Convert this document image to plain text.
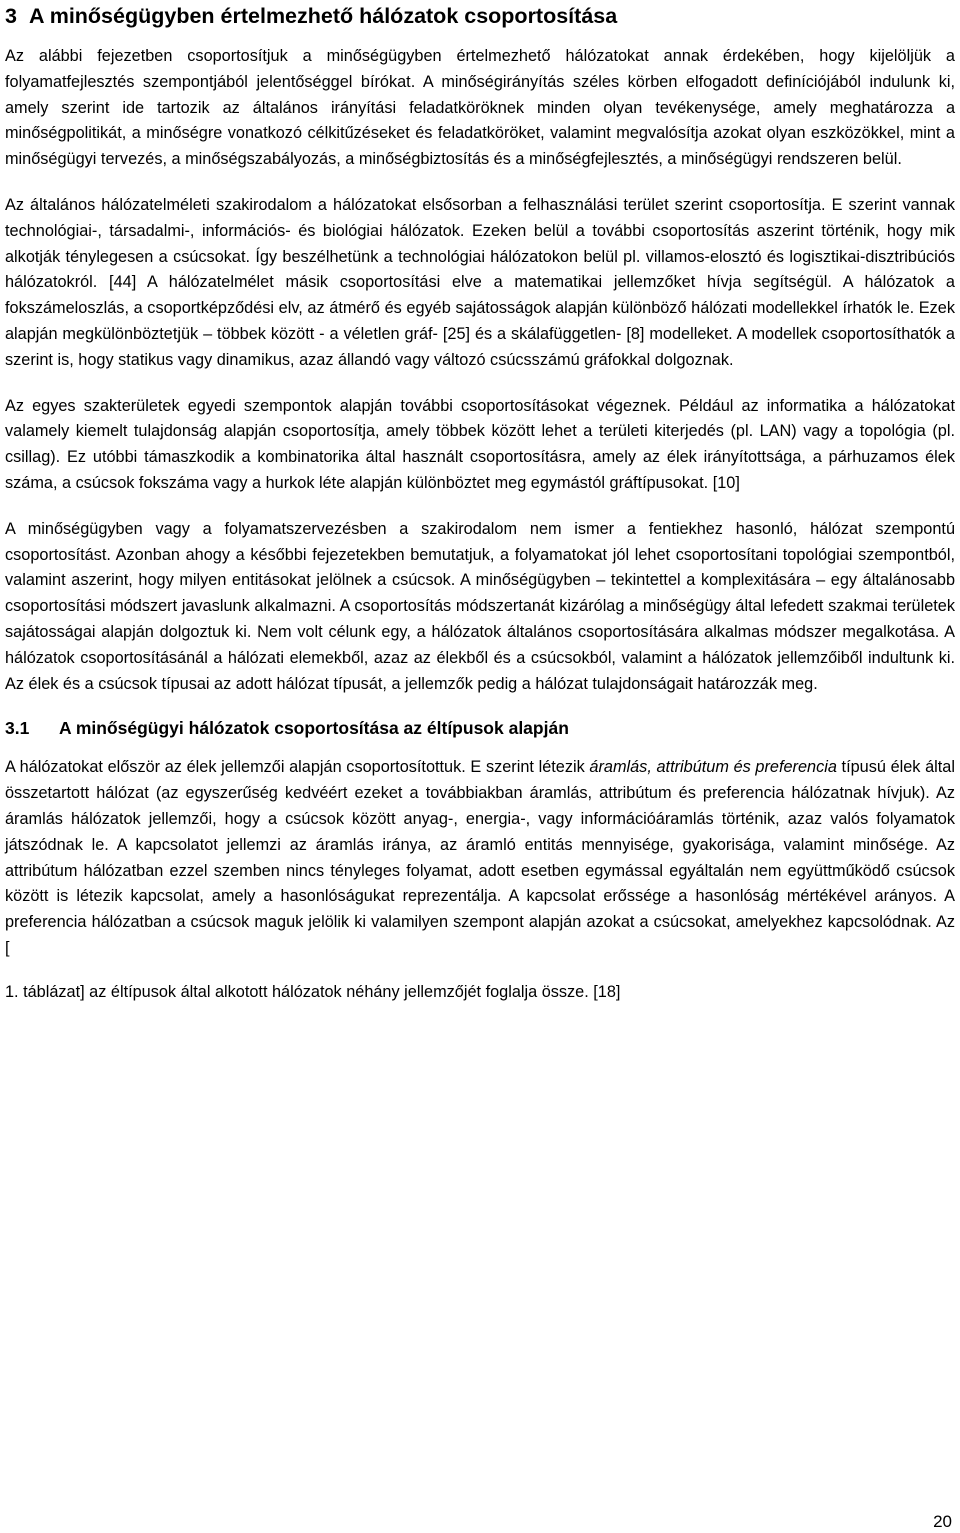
3 A minőségügyben értelmezhető hálózatok csoportosítása

Az alábbi fejezetben csoportosítjuk a minőségügyben értelmezhető hálózatokat annak érdekében, hogy kijelöljük a folyamatfejlesztés szempontjából jelentőséggel bírókat. A minőségirányítás széles körben elfogadott definíciójából indulunk ki, amely szerint ide tartozik az általános irányítási feladatköröknek minden olyan tevékenysége, amely meghatározza a minőségpolitikát, a minőségre vonatkozó célkitűzéseket és feladatköröket, valamint megvalósítja azokat olyan eszközökkel, mint a minőségügyi tervezés, a minőségszabályozás, a minőségbiztosítás és a minőségfejlesztés, a minőségügyi rendszeren belül.

Az általános hálózatelméleti szakirodalom a hálózatokat elsősorban a felhasználási terület szerint csoportosítja. E szerint vannak technológiai-, társadalmi-, információs- és biológiai hálózatok. Ezeken belül a további csoportosítás aszerint történik, hogy mik alkotják ténylegesen a csúcsokat. Így beszélhetünk a technológiai hálózatokon belül pl. villamos-elosztó és logisztikai-disztribúciós hálózatokról. [44] A hálózatelmélet másik csoportosítási elve a matematikai jellemzőket hívja segítségül. A hálózatok a fokszámeloszlás, a csoportképződési elv, az átmérő és egyéb sajátosságok alapján különböző hálózati modellekkel írhatók le. Ezek alapján megkülönböztetjük – többek között - a véletlen gráf- [25] és a skálafüggetlen- [8] modelleket. A modellek csoportosíthatók a szerint is, hogy statikus vagy dinamikus, azaz állandó vagy változó csúcsszámú gráfokkal dolgoznak.

Az egyes szakterületek egyedi szempontok alapján további csoportosításokat végeznek. Például az informatika a hálózatokat valamely kiemelt tulajdonság alapján csoportosítja, amely többek között lehet a területi kiterjedés (pl. LAN) vagy a topológia (pl. csillag). Ez utóbbi támaszkodik a kombinatorika által használt csoportosításra, amely az élek irányítottsága, a párhuzamos élek száma, a csúcsok fokszáma vagy a hurkok léte alapján különböztet meg egymástól gráftípusokat. [10]

A minőségügyben vagy a folyamatszervezésben a szakirodalom nem ismer a fentiekhez hasonló, hálózat szempontú csoportosítást. Azonban ahogy a későbbi fejezetekben bemutatjuk, a folyamatokat jól lehet csoportosítani topológiai szempontból, valamint aszerint, hogy milyen entitásokat jelölnek a csúcsok. A minőségügyben – tekintettel a komplexitására – egy általánosabb csoportosítási módszert javaslunk alkalmazni. A csoportosítás módszertanát kizárólag a minőségügy által lefedett szakmai területek sajátosságai alapján dolgoztuk ki. Nem volt célunk egy, a hálózatok általános csoportosítására alkalmas módszer megalkotása. A hálózatok csoportosításánál a hálózati elemekből, azaz az élekből és a csúcsokból, valamint a hálózatok jellemzőiből indultunk ki. Az élek és a csúcsok típusai az adott hálózat típusát, a jellemzők pedig a hálózat tulajdonságait határozzák meg.

3.1	A minőségügyi hálózatok csoportosítása az éltípusok alapján

A hálózatokat először az élek jellemzői alapján csoportosítottuk. E szerint létezik áramlás, attribútum és preferencia típusú élek által összetartott hálózat (az egyszerűség kedvéért ezeket a továbbiakban áramlás, attribútum és preferencia hálózatnak hívjuk). Az áramlás hálózatok jellemzői, hogy a csúcsok között anyag-, energia-, vagy információáramlás történik, azaz valós folyamatok játszódnak le. A kapcsolatot jellemzi az áramlás iránya, az áramló entitás mennyisége, gyakorisága, valamint minősége. Az attribútum hálózatban ezzel szemben nincs tényleges folyamat, adott esetben egymással egyáltalán nem együttműködő csúcsok között is létezik kapcsolat, amely a hasonlóságukat reprezentálja. A kapcsolat erőssége a hasonlóság mértékével arányos. A preferencia hálózatban a csúcsok maguk jelölik ki valamilyen szempont alapján azokat a csúcsokat, amelyekhez kapcsolódnak. Az [

1. táblázat] az éltípusok által alkotott hálózatok néhány jellemzőjét foglalja össze. [18]

20
